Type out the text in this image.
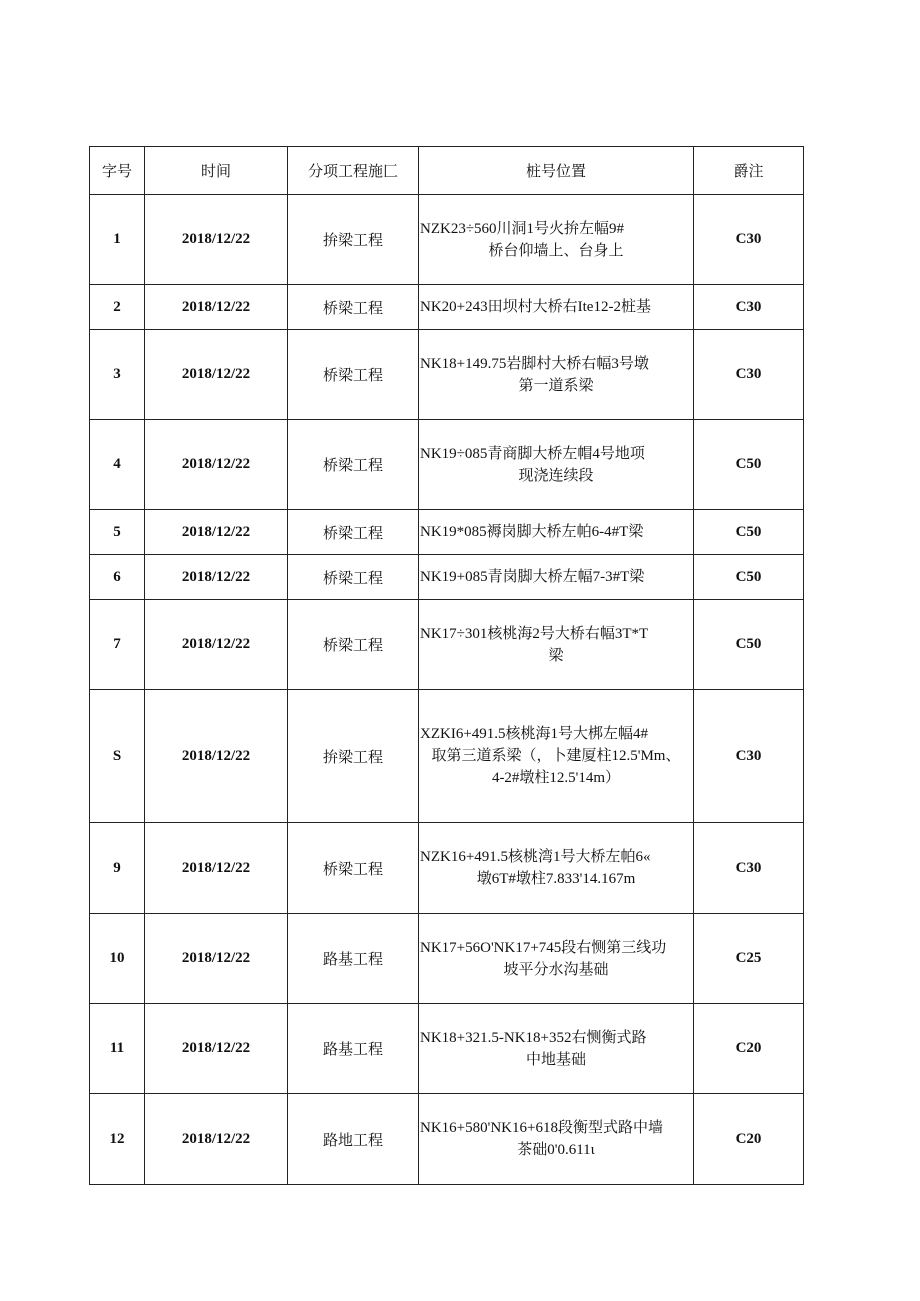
字号	时间	分项工程施匚	桩号位置	爵注
1	2018/12/22	拚梁工程	NZK23÷560川洞1号火拚左幅9#
桥台仰墙上、台身上	C30
2	2018/12/22	桥梁工程	NK20+243田坝村大桥右Ite12-2桩基	C30
3	2018/12/22	桥梁工程	NK18+149.75岩脚村大桥右幅3号墩
第一道系梁	C30
4	2018/12/22	桥梁工程	NK19÷085青商脚大桥左帽4号地项
现浇连续段	C50
5	2018/12/22	桥梁工程	NK19*085褥岗脚大桥左帕6-4#T梁	C50
6	2018/12/22	桥梁工程	NK19+085青岗脚大桥左幅7-3#T梁	C50
7	2018/12/22	桥梁工程	NK17÷301核桃海2号大桥右幅3T*T
梁	C50
S	2018/12/22	拚梁工程	XZKI6+491.5核桃海1号大梆左幅4#
取第三道系梁（，卜建厦柱12.5'Mm、
4-2#墩柱12.5'14m）	C30
9	2018/12/22	桥梁工程	NZK16+491.5核桃湾1号大桥左帕6«
墩6T#墩柱7.833'14.167m	C30
10	2018/12/22	路基工程	NK17+56O'NK17+745段右恻第三线功
坡平分水沟基础	C25
11	2018/12/22	路基工程	NK18+321.5-NK18+352右恻衡式路
中地基础	C20
12	2018/12/22	路地工程	NK16+580'NK16+618段衡型式路中墙
茶础0'0.611ι	C20
